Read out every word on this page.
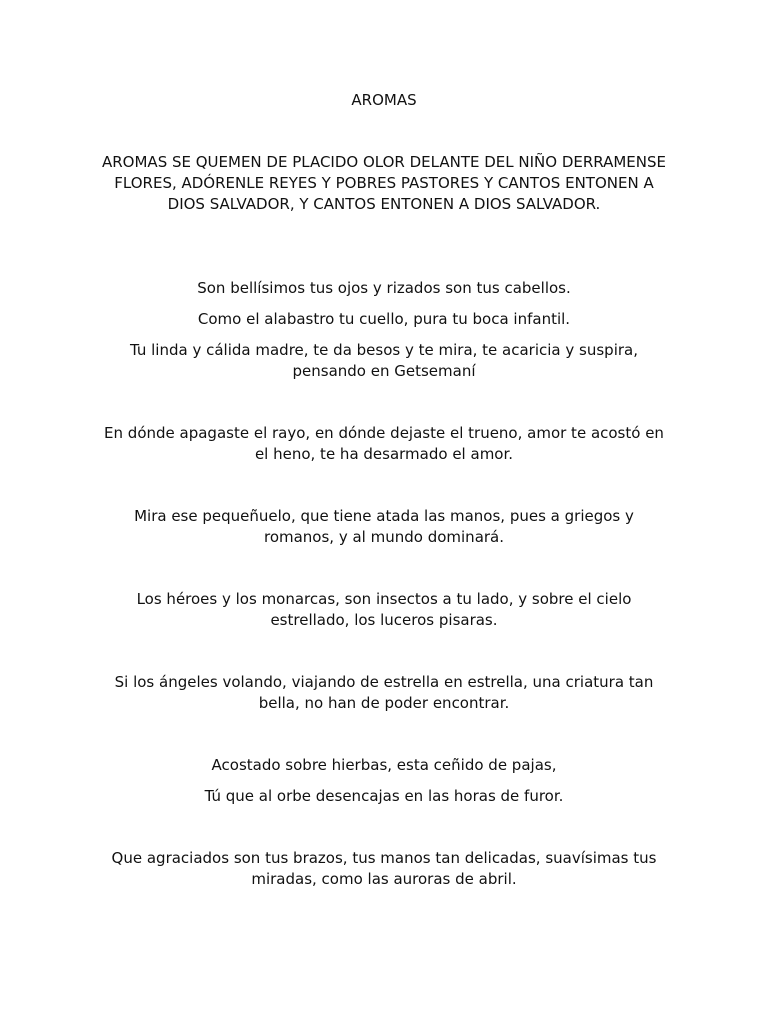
AROMAS
AROMAS SE QUEMEN DE PLACIDO OLOR DELANTE DEL NIÑO DERRAMENSE FLORES, ADÓRENLE REYES Y POBRES PASTORES Y CANTOS ENTONEN A DIOS SALVADOR, Y CANTOS ENTONEN A DIOS SALVADOR.
Son bellísimos tus ojos y rizados son tus cabellos.
Como el alabastro tu cuello, pura tu boca infantil.
Tu linda y cálida madre, te da besos y te mira, te acaricia y suspira, pensando en Getsemaní
En dónde apagaste el rayo, en dónde dejaste el trueno, amor te acostó en el heno, te ha desarmado el amor.
Mira ese pequeñuelo, que tiene atada las manos, pues a griegos y romanos, y al mundo dominará.
Los héroes y los monarcas, son insectos a tu lado, y sobre el cielo estrellado, los luceros pisaras.
Si los ángeles volando, viajando de estrella en estrella, una criatura tan bella, no han de poder encontrar.
Acostado sobre hierbas, esta ceñido de pajas,
Tú que al orbe desencajas en las horas de furor.
Que agraciados son tus brazos, tus manos tan delicadas, suavísimas tus miradas, como las auroras de abril.
